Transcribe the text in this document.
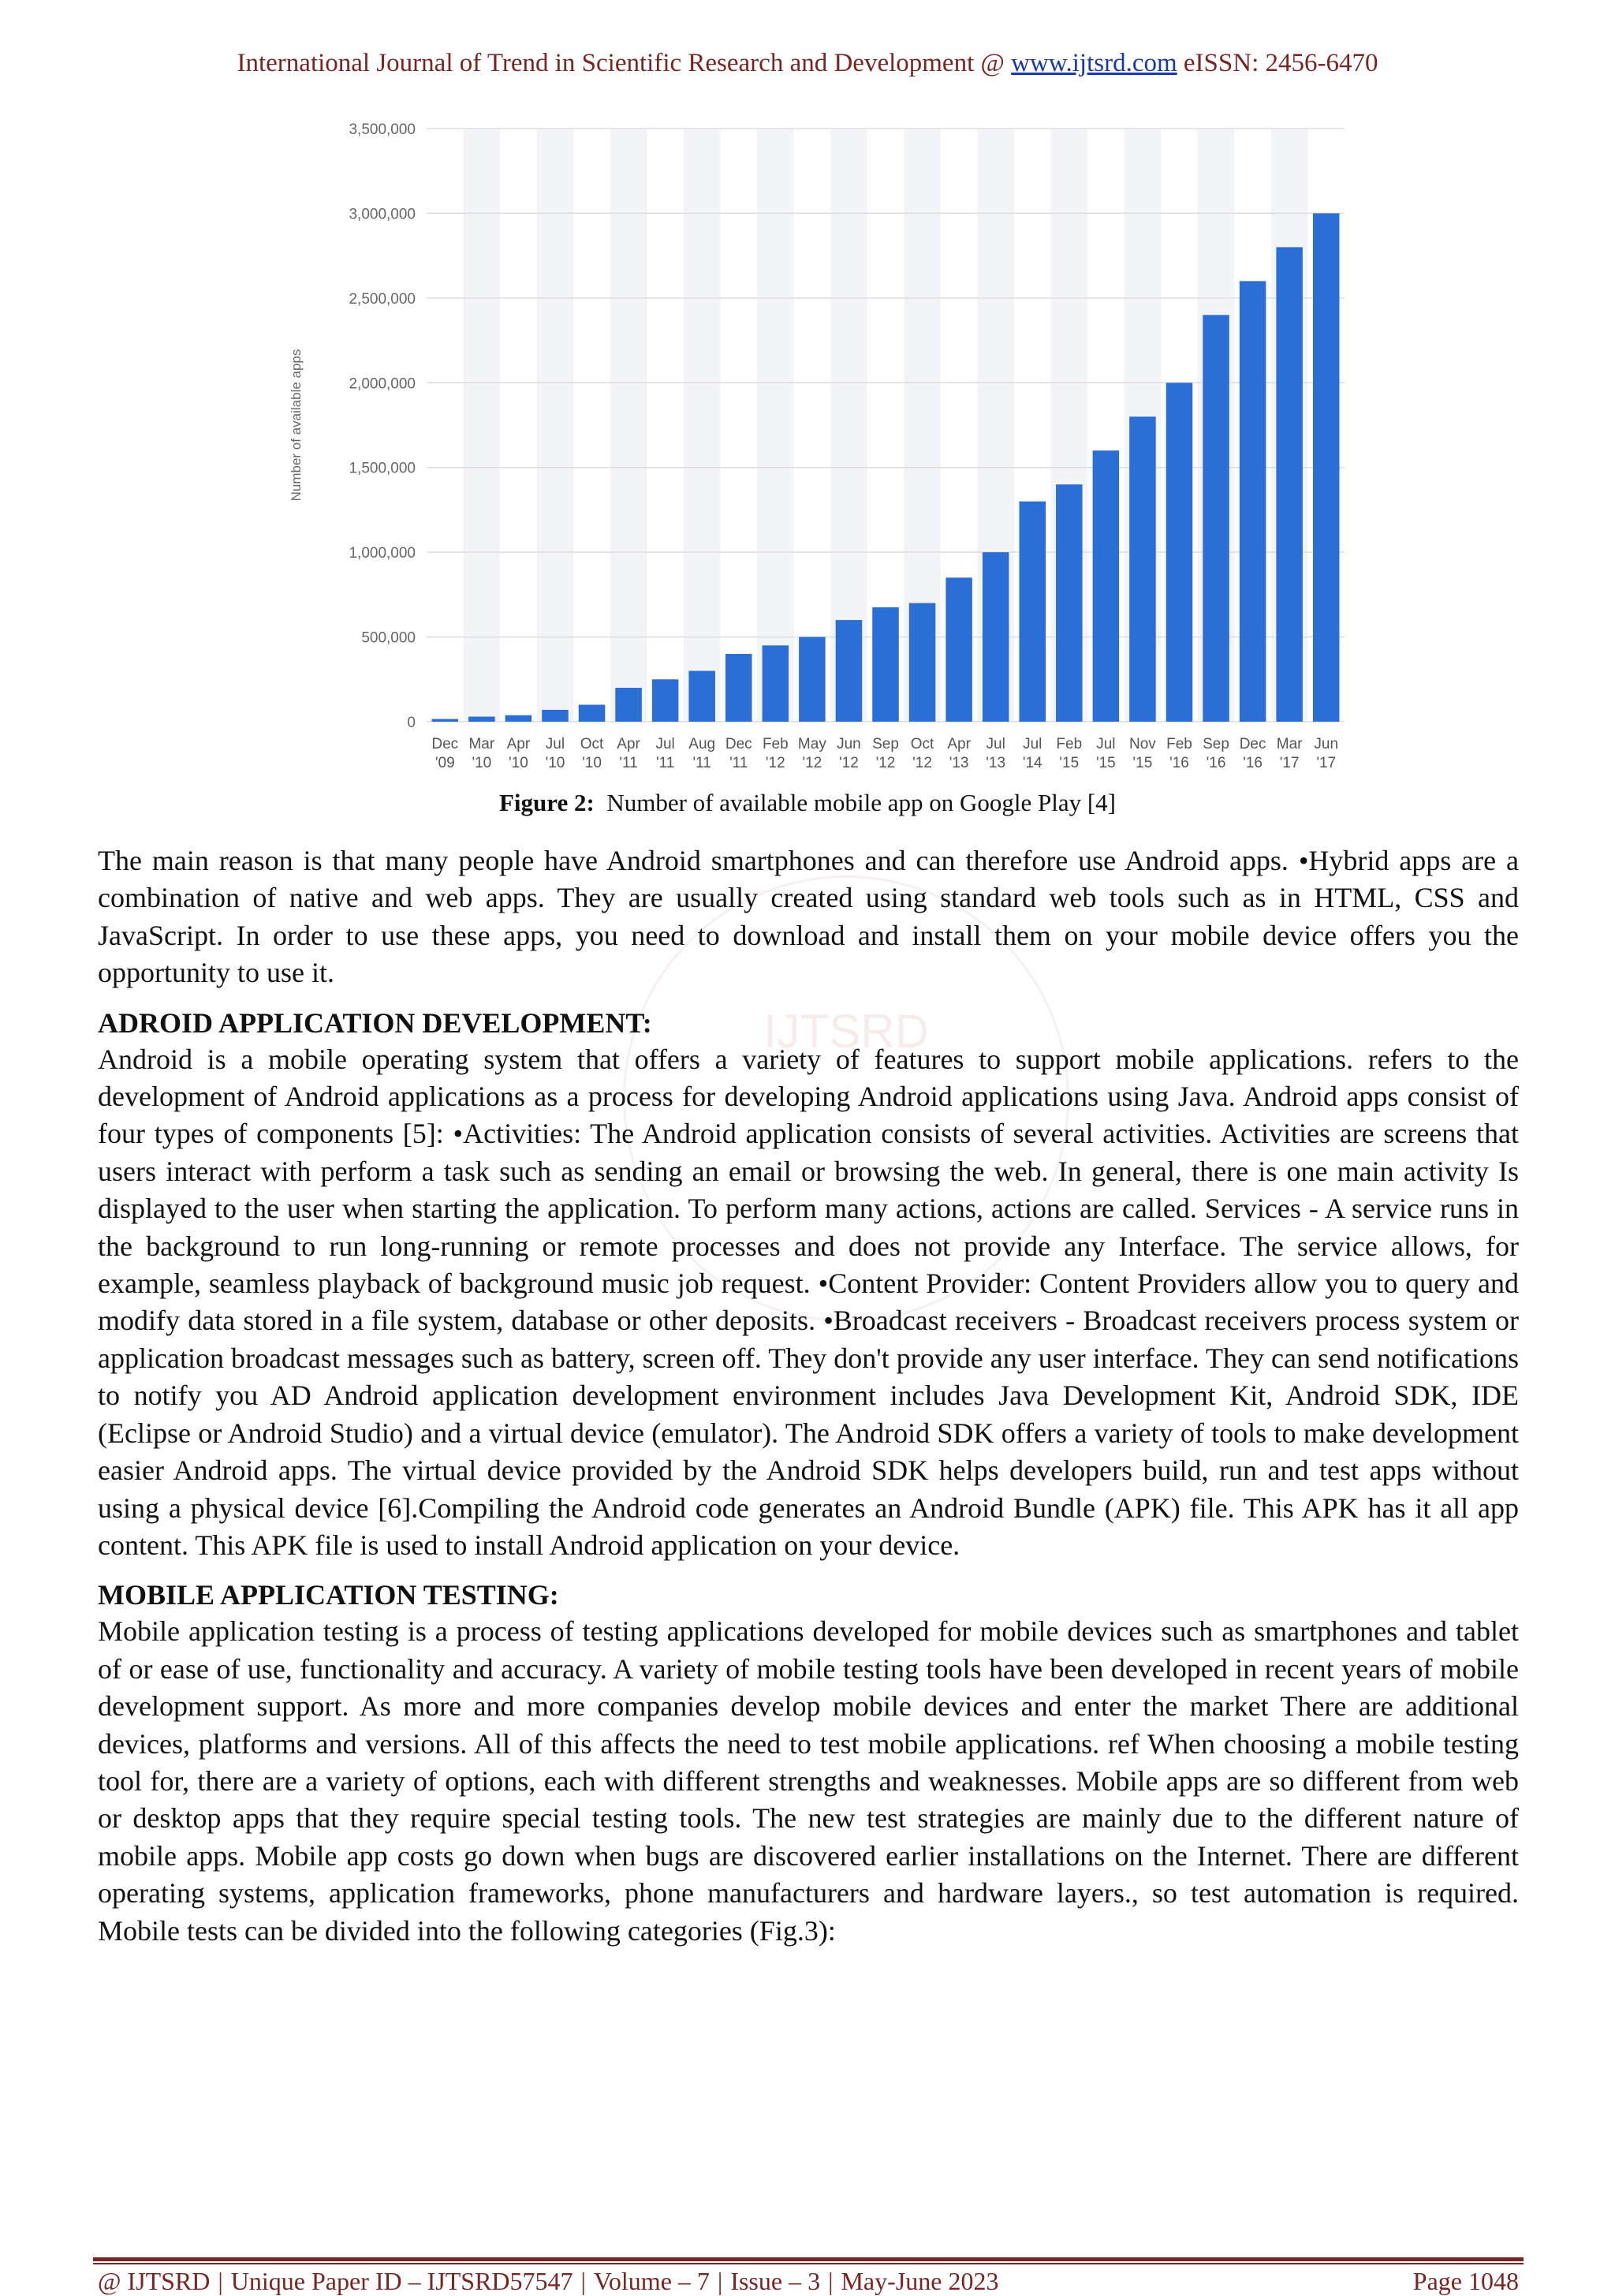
International Journal of Trend in Scientific Research and Development @ www.ijtsrd.com eISSN: 2456-6470
IJTSRD
0
500,000
1,000,000
1,500,000
2,000,000
2,500,000
3,000,000
3,500,000
Number of available apps
Dec
'09
Mar
'10
Apr
'10
Jul
'10
Oct
'10
Apr
'11
Jul
'11
Aug
'11
Dec
'11
Feb
'12
May
'12
Jun
'12
Sep
'12
Oct
'12
Apr
'13
Jul
'13
Jul
'14
Feb
'15
Jul
'15
Nov
'15
Feb
'16
Sep
'16
Dec
'16
Mar
'17
Jun
'17
Figure 2: Number of available mobile app on Google Play [4]

The main reason is that many people have Android smartphones and can therefore use Android apps. •Hybrid apps are a combination of native and web apps. They are usually created using standard web tools such as in HTML, CSS and JavaScript. In order to use these apps, you need to download and install them on your mobile device offers you the opportunity to use it.

ADROID APPLICATION DEVELOPMENT:

Android is a mobile operating system that offers a variety of features to support mobile applications. refers to the development of Android applications as a process for developing Android applications using Java. Android apps consist of four types of components [5]: •Activities: The Android application consists of several activities. Activities are screens that users interact with perform a task such as sending an email or browsing the web. In general, there is one main activity Is displayed to the user when starting the application. To perform many actions, actions are called. Services - A service runs in the background to run long-running or remote processes and does not provide any Interface. The service allows, for example, seamless playback of background music job request. •Content Provider: Content Providers allow you to query and modify data stored in a file system, database or other deposits. •Broadcast receivers - Broadcast receivers process system or application broadcast messages such as battery, screen off. They don't provide any user interface. They can send notifications to notify you AD Android application development environment includes Java Development Kit, Android SDK, IDE (Eclipse or Android Studio) and a virtual device (emulator). The Android SDK offers a variety of tools to make development easier Android apps. The virtual device provided by the Android SDK helps developers build, run and test apps without using a physical device [6].Compiling the Android code generates an Android Bundle (APK) file. This APK has it all app content. This APK file is used to install Android application on your device.

MOBILE APPLICATION TESTING:

Mobile application testing is a process of testing applications developed for mobile devices such as smartphones and tablet of or ease of use, functionality and accuracy. A variety of mobile testing tools have been developed in recent years of mobile development support. As more and more companies develop mobile devices and enter the market There are additional devices, platforms and versions. All of this affects the need to test mobile applications. ref When choosing a mobile testing tool for, there are a variety of options, each with different strengths and weaknesses. Mobile apps are so different from web or desktop apps that they require special testing tools. The new test strategies are mainly due to the different nature of mobile apps. Mobile app costs go down when bugs are discovered earlier installations on the Internet. There are different operating systems, application frameworks, phone manufacturers and hardware layers., so test automation is required. Mobile tests can be divided into the following categories (Fig.3):

@ IJTSRD | Unique Paper ID – IJTSRD57547 | Volume – 7 | Issue – 3 | May-June 2023	Page 1048
